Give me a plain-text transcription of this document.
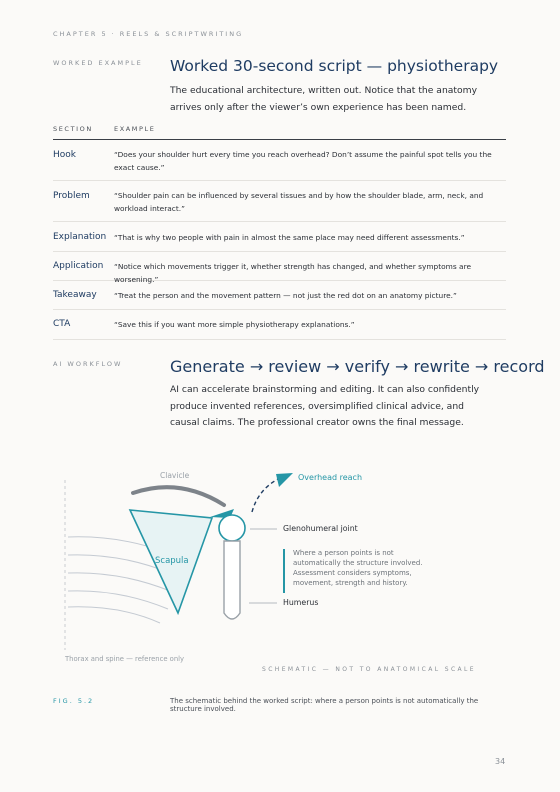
CHAPTER 5 · REELS & SCRIPTWRITING
WORKED EXAMPLE Worked 30-second script — physiotherapy
The educational architecture, written out. Notice that the anatomy arrives only after the viewer’s own experience has been named.
SECTION	EXAMPLE
Hook	“Does your shoulder hurt every time you reach overhead? Don’t assume the painful spot tells you the exact cause.”
Problem	“Shoulder pain can be influenced by several tissues and by how the shoulder blade, arm, neck, and workload interact.”
Explanation “That is why two people with pain in almost the same place may need different assessments.”
Application “Notice which movements trigger it, whether strength has changed, and whether symptoms are worsening.”
Takeaway “Treat the person and the movement pattern — not just the red dot on an anatomy picture.”
CTA	“Save this if you want more simple physiotherapy explanations.”
AI WORKFLOW	Generate → review → verify → rewrite → record
AI can accelerate brainstorming and editing. It can also confidently produce invented references, oversimplified clinical advice, and causal claims. The professional creator owns the final message.
Clavicle	Overhead reach
Glenohumeral joint
Scapula
Where a person points is not automatically the structure involved. Assessment considers symptoms, movement, strength and history.
Humerus
Thorax and spine — reference only
SCHEMATIC — NOT TO ANATOMICAL SCALE
FIG. 5.2	The schematic behind the worked script: where a person points is not automatically the structure involved.
34
